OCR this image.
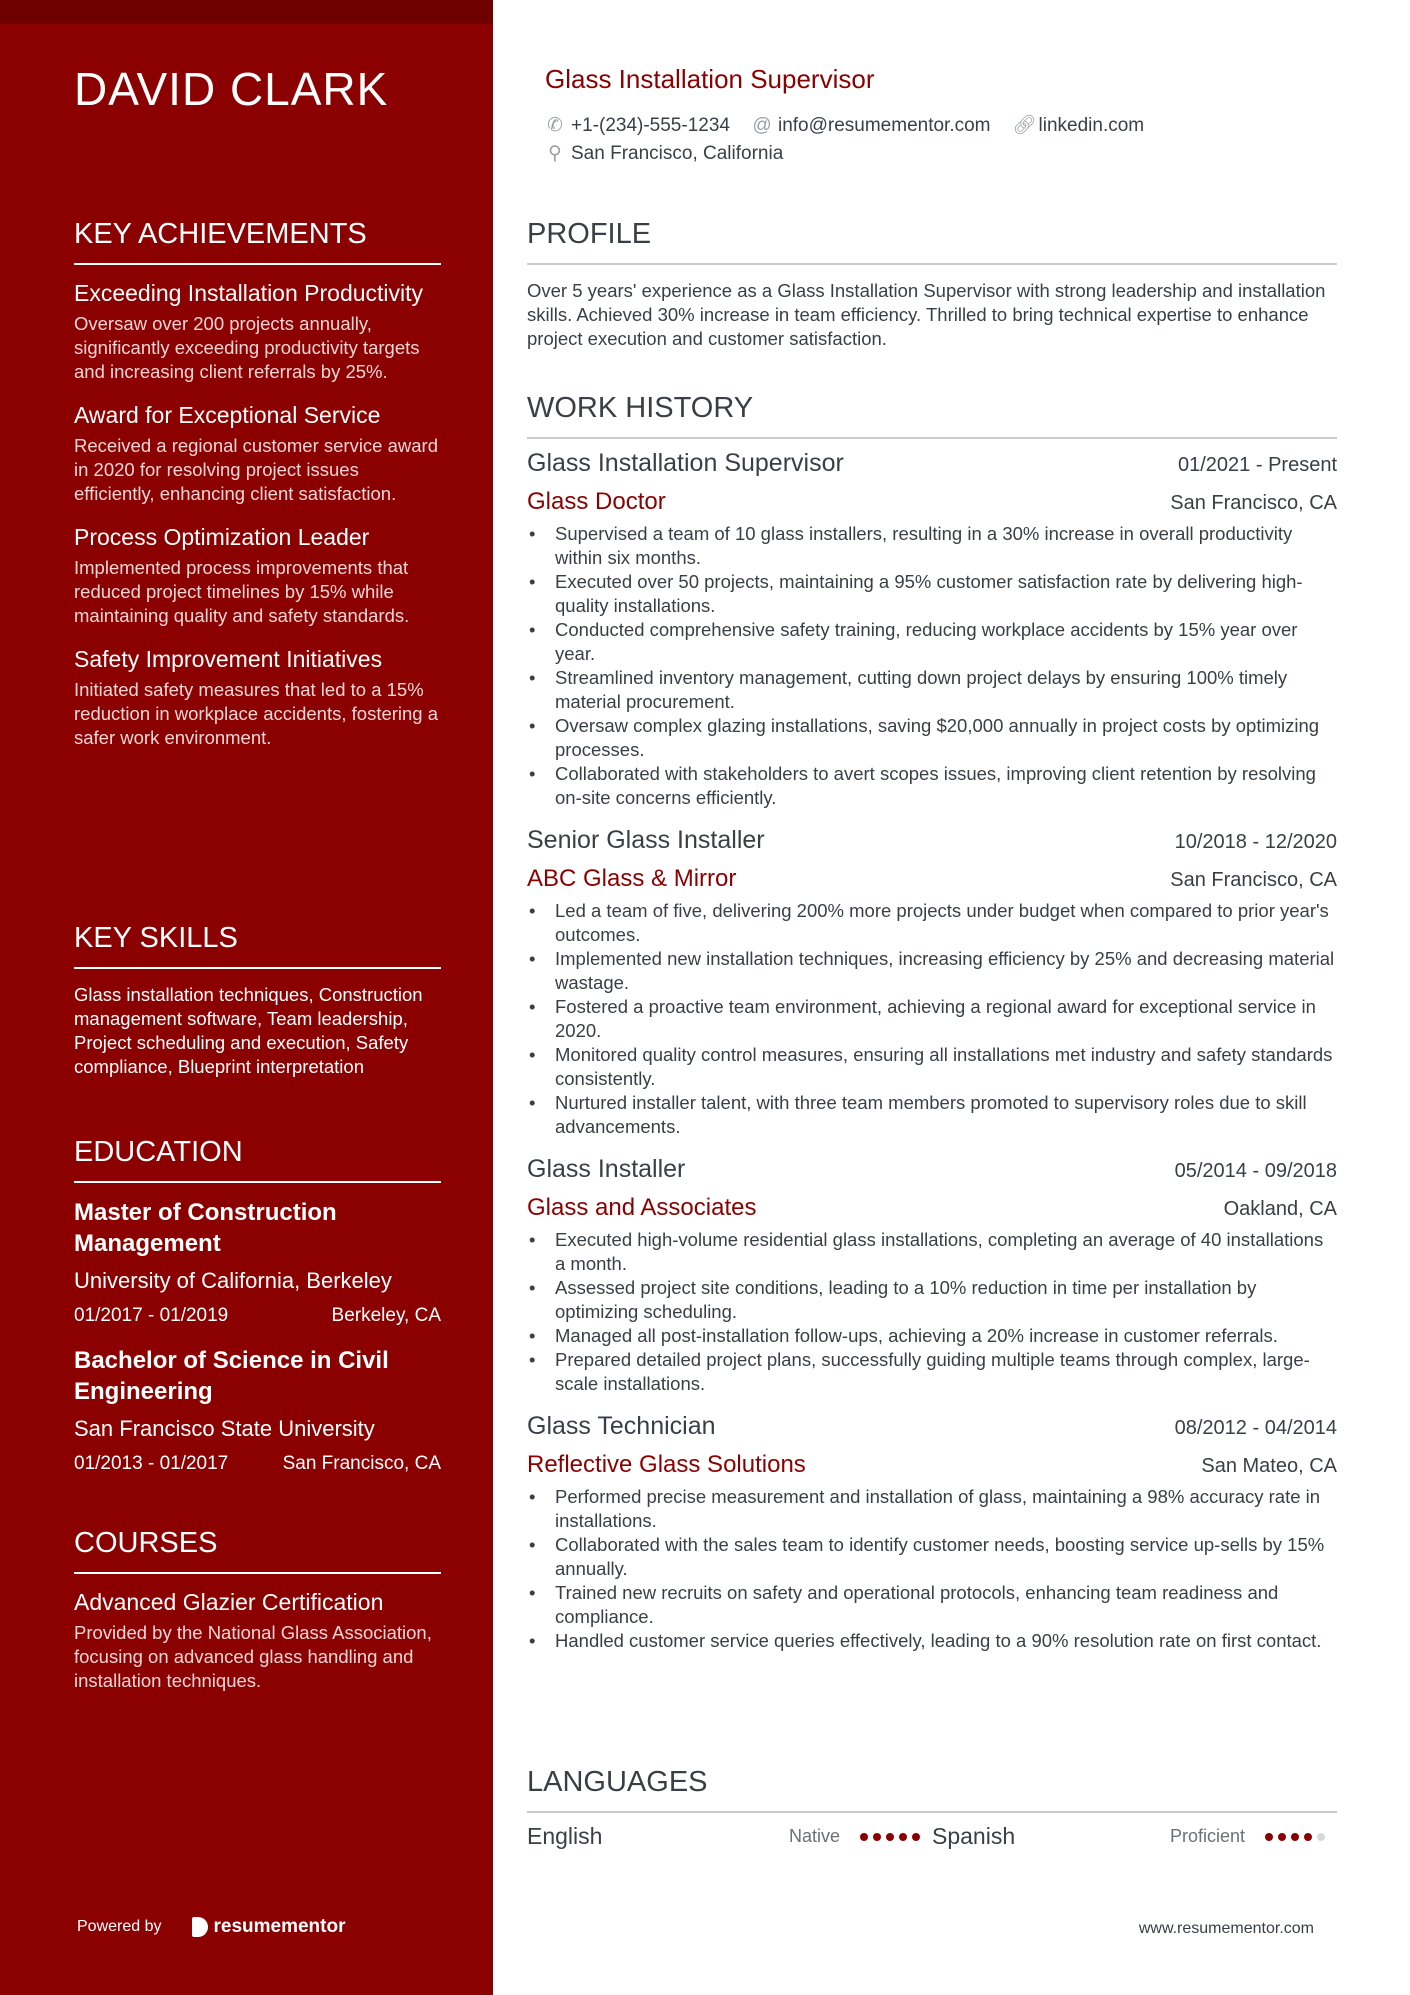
DAVID CLARK
KEY ACHIEVEMENTS
Exceeding Installation Productivity
Oversaw over 200 projects annually, significantly exceeding productivity targets and increasing client referrals by 25%.
Award for Exceptional Service
Received a regional customer service award in 2020 for resolving project issues efficiently, enhancing client satisfaction.
Process Optimization Leader
Implemented process improvements that reduced project timelines by 15% while maintaining quality and safety standards.
Safety Improvement Initiatives
Initiated safety measures that led to a 15% reduction in workplace accidents, fostering a safer work environment.
KEY SKILLS
Glass installation techniques, Construction management software, Team leadership, Project scheduling and execution, Safety compliance, Blueprint interpretation
EDUCATION
Master of Construction Management
University of California, Berkeley
01/2017 - 01/2019	Berkeley, CA
Bachelor of Science in Civil Engineering
San Francisco State University
01/2013 - 01/2017	San Francisco, CA
COURSES
Advanced Glazier Certification
Provided by the National Glass Association, focusing on advanced glass handling and installation techniques.
Powered by	resumementor
Glass Installation Supervisor
✆ +1-(234)-555-1234 @ info@resumementor.com 🔗︎ linkedin.com
⚲ San Francisco, California
PROFILE
Over 5 years' experience as a Glass Installation Supervisor with strong leadership and installation skills. Achieved 30% increase in team efficiency. Thrilled to bring technical expertise to enhance project execution and customer satisfaction.
WORK HISTORY
Glass Installation Supervisor	01/2021 - Present
Glass Doctor	San Francisco, CA
• Supervised a team of 10 glass installers, resulting in a 30% increase in overall productivity within six months.
• Executed over 50 projects, maintaining a 95% customer satisfaction rate by delivering high-quality installations.
• Conducted comprehensive safety training, reducing workplace accidents by 15% year over year.
• Streamlined inventory management, cutting down project delays by ensuring 100% timely material procurement.
• Oversaw complex glazing installations, saving $20,000 annually in project costs by optimizing processes.
• Collaborated with stakeholders to avert scopes issues, improving client retention by resolving on-site concerns efficiently.
Senior Glass Installer	10/2018 - 12/2020
ABC Glass & Mirror	San Francisco, CA
• Led a team of five, delivering 200% more projects under budget when compared to prior year's outcomes.
• Implemented new installation techniques, increasing efficiency by 25% and decreasing material wastage.
• Fostered a proactive team environment, achieving a regional award for exceptional service in 2020.
• Monitored quality control measures, ensuring all installations met industry and safety standards consistently.
• Nurtured installer talent, with three team members promoted to supervisory roles due to skill advancements.
Glass Installer	05/2014 - 09/2018
Glass and Associates	Oakland, CA
• Executed high-volume residential glass installations, completing an average of 40 installations a month.
• Assessed project site conditions, leading to a 10% reduction in time per installation by optimizing scheduling.
• Managed all post-installation follow-ups, achieving a 20% increase in customer referrals.
• Prepared detailed project plans, successfully guiding multiple teams through complex, large-scale installations.
Glass Technician	08/2012 - 04/2014
Reflective Glass Solutions	San Mateo, CA
• Performed precise measurement and installation of glass, maintaining a 98% accuracy rate in installations.
• Collaborated with the sales team to identify customer needs, boosting service up-sells by 15% annually.
• Trained new recruits on safety and operational protocols, enhancing team readiness and compliance.
• Handled customer service queries effectively, leading to a 90% resolution rate on first contact.
LANGUAGES
English	Native	Spanish	Proficient
www.resumementor.com
